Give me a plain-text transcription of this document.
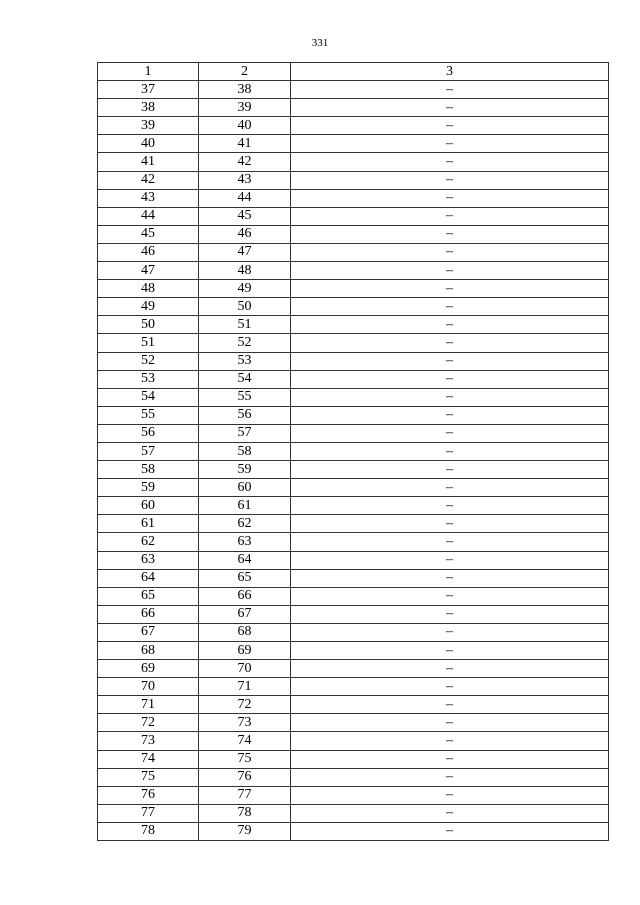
331
1	2	3
37	38	–
38	39	–
39	40	–
40	41	–
41	42	–
42	43	–
43	44	–
44	45	–
45	46	–
46	47	–
47	48	–
48	49	–
49	50	–
50	51	–
51	52	–
52	53	–
53	54	–
54	55	–
55	56	–
56	57	–
57	58	–
58	59	–
59	60	–
60	61	–
61	62	–
62	63	–
63	64	–
64	65	–
65	66	–
66	67	–
67	68	–
68	69	–
69	70	–
70	71	–
71	72	–
72	73	–
73	74	–
74	75	–
75	76	–
76	77	–
77	78	–
78	79	–
